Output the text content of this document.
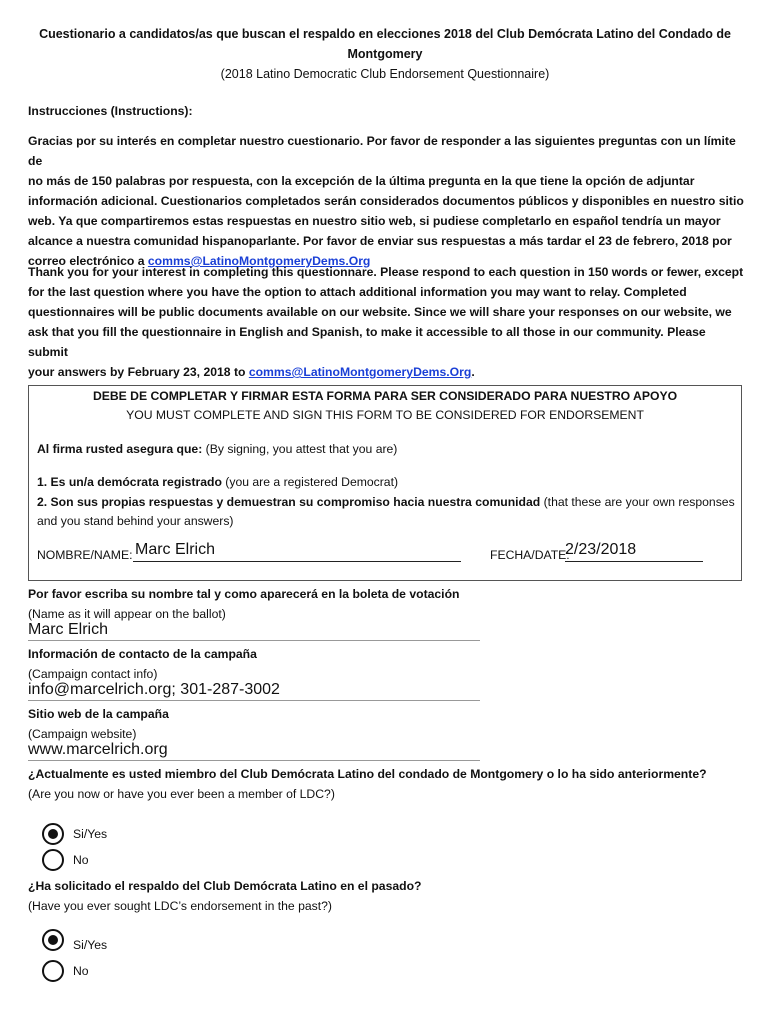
Cuestionario a candidatos/as que buscan el respaldo en elecciones 2018 del Club Demócrata Latino del Condado de
Montgomery
(2018 Latino Democratic Club Endorsement Questionnaire)
Instrucciones (Instructions):
Gracias por su interés en completar nuestro cuestionario. Por favor de responder a las siguientes preguntas con un límite de
no más de 150 palabras por respuesta, con la excepción de la última pregunta en la que tiene la opción de adjuntar
información adicional. Cuestionarios completados serán considerados documentos públicos y disponibles en nuestro sitio
web. Ya que compartiremos estas respuestas en nuestro sitio web, si pudiese completarlo en español tendría un mayor
alcance a nuestra comunidad hispanoparlante. Por favor de enviar sus respuestas a más tardar el 23 de febrero, 2018 por
correo electrónico a comms@LatinoMontgomeryDems.Org
Thank you for your interest in completing this questionnare. Please respond to each question in 150 words or fewer, except
for the last question where you have the option to attach additional information you may want to relay. Completed
questionnaires will be public documents available on our website. Since we will share your responses on our website, we
ask that you fill the questionnaire in English and Spanish, to make it accessible to all those in our community. Please submit
your answers by February 23, 2018 to comms@LatinoMontgomeryDems.Org.
DEBE DE COMPLETAR Y FIRMAR ESTA FORMA PARA SER CONSIDERADO PARA NUESTRO APOYO
YOU MUST COMPLETE AND SIGN THIS FORM TO BE CONSIDERED FOR ENDORSEMENT
Al firma rusted asegura que: (By signing, you attest that you are)
1. Es un/a demócrata registrado (you are a registered Democrat)
2. Son sus propias respuestas y demuestran su compromiso hacia nuestra comunidad (that these are your own responses
and you stand behind your answers)
NOMBRE/NAME: Marc Elrich	FECHA/DATE:
2/23/2018
Por favor escriba su nombre tal y como aparecerá en la boleta de votación
(Name as it will appear on the ballot)
Marc Elrich
Información de contacto de la campaña
(Campaign contact info)
info@marcelrich.org; 301-287-3002
Sitio web de la campaña
(Campaign website)
www.marcelrich.org
¿Actualmente es usted miembro del Club Demócrata Latino del condado de Montgomery o lo ha sido anteriormente?
(Are you now or have you ever been a member of LDC?)
Si/Yes
No
¿Ha solicitado el respaldo del Club Demócrata Latino en el pasado?
(Have you ever sought LDC’s endorsement in the past?)
Si/Yes
No
